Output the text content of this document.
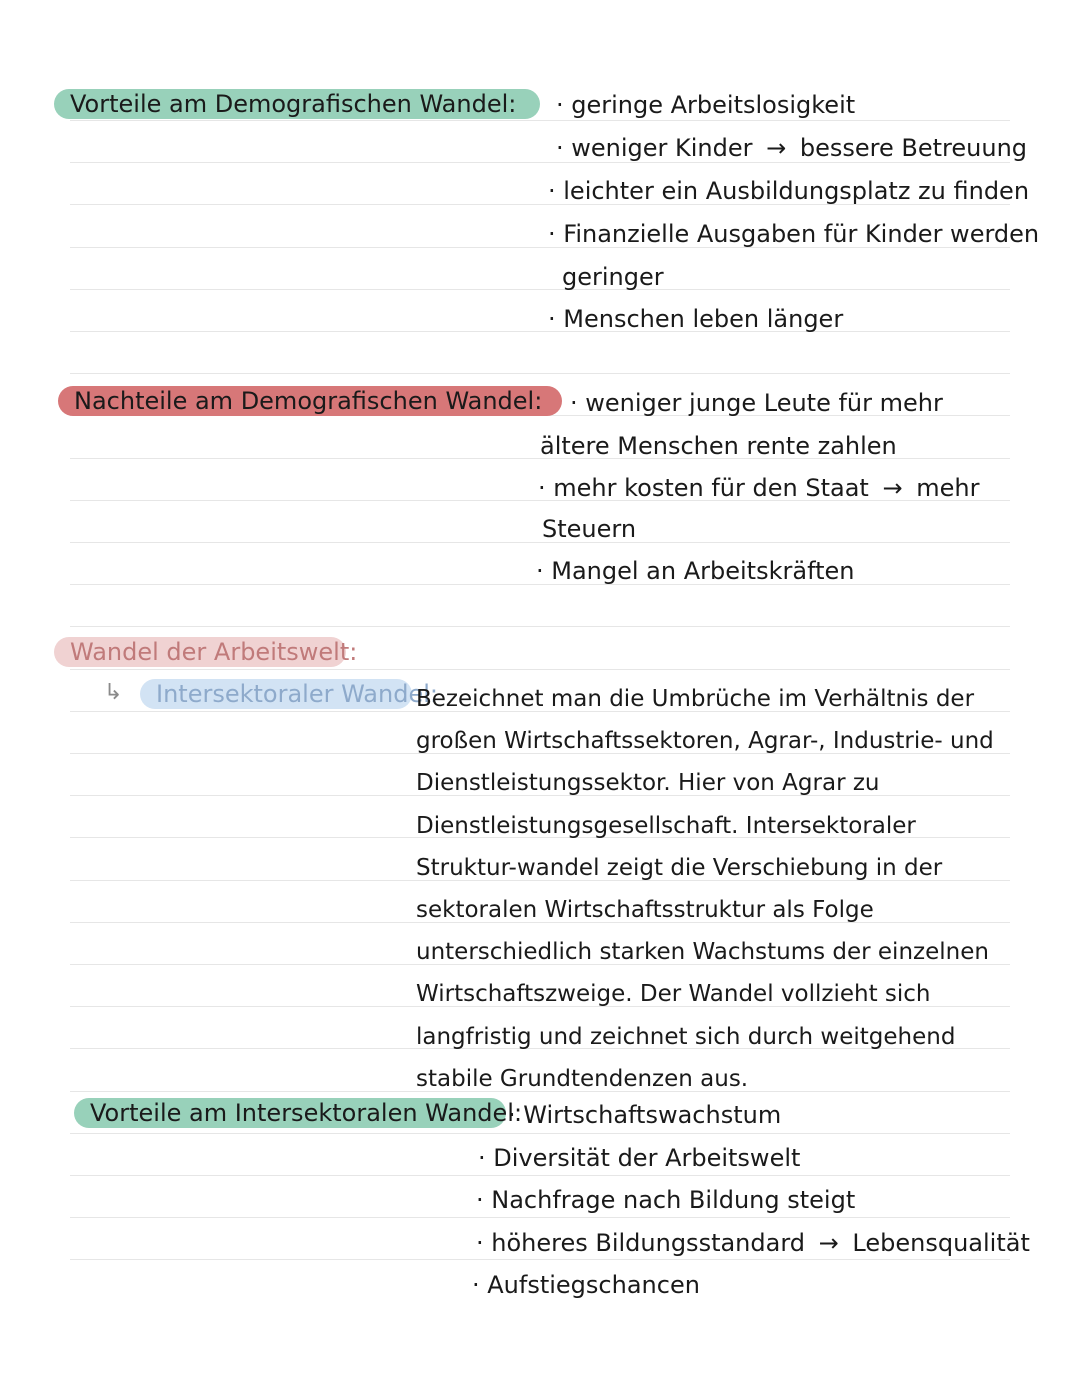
Vorteile am Demografischen Wandel:	· geringe Arbeitslosigkeit
· weniger Kinder → bessere Betreuung
· leichter ein Ausbildungsplatz zu finden
· Finanzielle Ausgaben für Kinder werden
geringer
· Menschen leben länger
Nachteile am Demografischen Wandel:	· weniger junge Leute für mehr
ältere Menschen rente zahlen
· mehr kosten für den Staat → mehr
Steuern
· Mangel an Arbeitskräften
Wandel der Arbeitswelt:
↳	Intersektoraler Wandel:
Bezeichnet man die Umbrüche im Verhältnis der großen Wirtschaftssektoren, Agrar-, Industrie- und Dienstleistungssektor. Hier von Agrar zu Dienstleistungsgesellschaft. Intersektoraler Struktur-wandel zeigt die Verschiebung in der sektoralen Wirtschaftsstruktur als Folge unterschiedlich starken Wachstums der einzelnen Wirtschaftszweige. Der Wandel vollzieht sich langfristig und zeichnet sich durch weitgehend stabile Grundtendenzen aus.
Vorteile am Intersektoralen Wandel:
· Wirtschaftswachstum
· Diversität der Arbeitswelt
· Nachfrage nach Bildung steigt
· höheres Bildungsstandard → Lebensqualität
· Aufstiegschancen
